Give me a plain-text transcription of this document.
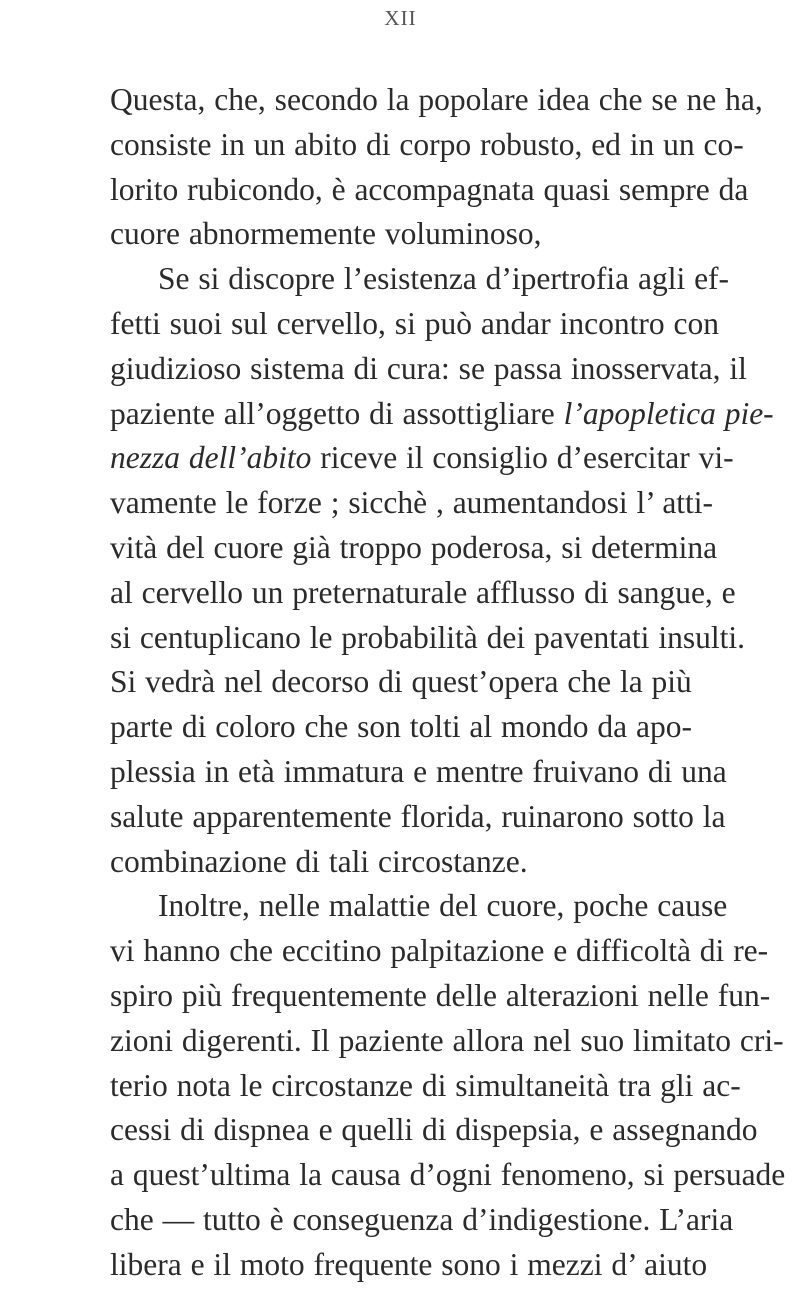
XII
Questa, che, secondo la popolare idea che se ne ha,
consiste in un abito di corpo robusto, ed in un co-
lorito rubicondo, è accompagnata quasi sempre da
cuore abnormemente voluminoso,
Se si discopre l’esistenza d’ipertrofia agli ef-
fetti suoi sul cervello, si può andar incontro con
giudizioso sistema di cura: se passa inosservata, il
paziente all’oggetto di assottigliare l’apopletica pie-
nezza dell’abito riceve il consiglio d’esercitar vi-
vamente le forze ; sicchè , aumentandosi l’ atti-
vità del cuore già troppo poderosa, si determina
al cervello un preternaturale afflusso di sangue, e
si centuplicano le probabilità dei paventati insulti.
Si vedrà nel decorso di quest’opera che la più
parte di coloro che son tolti al mondo da apo-
plessia in età immatura e mentre fruivano di una
salute apparentemente florida, ruinarono sotto la
combinazione di tali circostanze.
Inoltre, nelle malattie del cuore, poche cause
vi hanno che eccitino palpitazione e difficoltà di re-
spiro più frequentemente delle alterazioni nelle fun-
zioni digerenti. Il paziente allora nel suo limitato cri-
terio nota le circostanze di simultaneità tra gli ac-
cessi di dispnea e quelli di dispepsia, e assegnando
a quest’ultima la causa d’ogni fenomeno, si persuade
che — tutto è conseguenza d’indigestione. L’aria
libera e il moto frequente sono i mezzi d’ aiuto
